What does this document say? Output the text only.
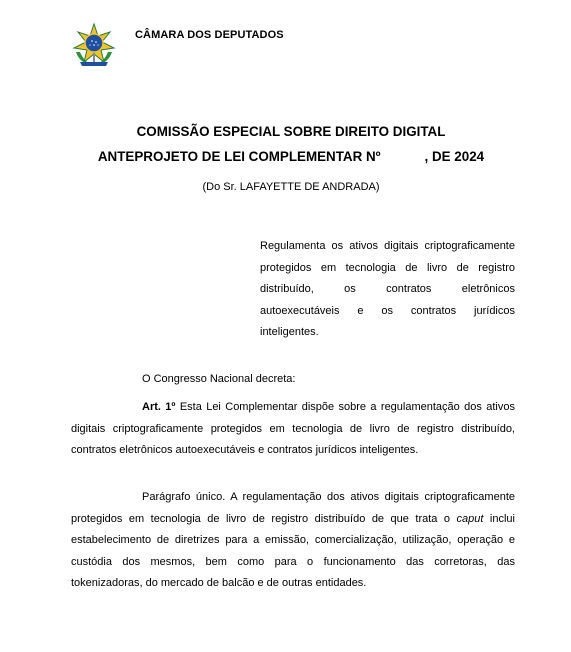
CÂMARA DOS DEPUTADOS
COMISSÃO ESPECIAL SOBRE DIREITO DIGITAL
ANTEPROJETO DE LEI COMPLEMENTAR Nº	, DE 2024
(Do Sr. LAFAYETTE DE ANDRADA)
Regulamenta os ativos digitais criptograficamente protegidos em tecnologia de livro de registro distribuído, os contratos eletrônicos autoexecutáveis e os contratos jurídicos inteligentes.
O Congresso Nacional decreta:
Art. 1º Esta Lei Complementar dispõe sobre a regulamentação dos ativos digitais criptograficamente protegidos em tecnologia de livro de registro distribuído, contratos eletrônicos autoexecutáveis e contratos jurídicos inteligentes.
Parágrafo único. A regulamentação dos ativos digitais criptograficamente protegidos em tecnologia de livro de registro distribuído de que trata o caput inclui estabelecimento de diretrizes para a emissão, comercialização, utilização, operação e custódia dos mesmos, bem como para o funcionamento das corretoras, das tokenizadoras, do mercado de balcão e de outras entidades.
